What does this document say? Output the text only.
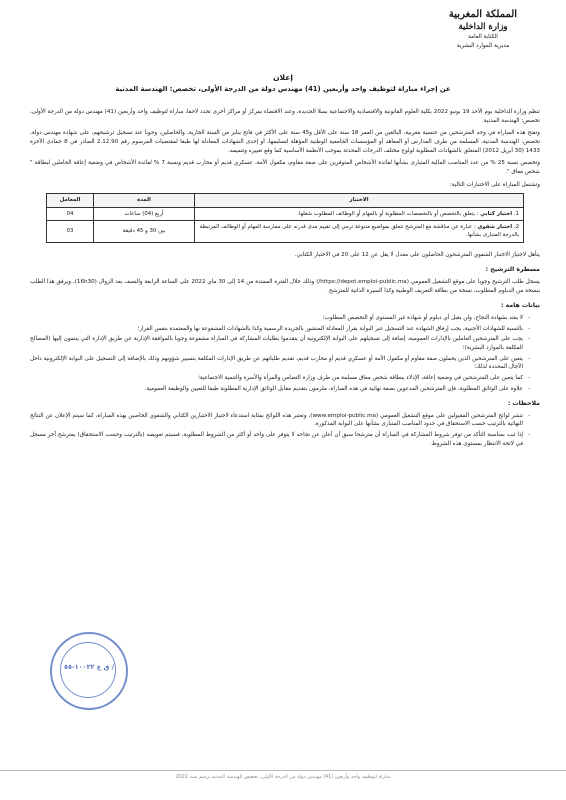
المملكة المغربية
وزارة الداخلية
الكتابة العامة
مديرية الموارد البشرية
إعلان
عن إجراء مباراة لتوظيف واحد وأربعين (41) مهندس دولة من الدرجة الأولى، تخصص: الهندسة المدنية

تنظم وزارة الداخلية يوم الأحد 19 يونيو 2022 بكلية العلوم القانونية والاقتصادية والاجتماعية بسلا الجديدة، وعند الاقتضاء بمركز أو مراكز أخرى تحدد لاحقا، مباراة لتوظيف واحد وأربعين (41) مهندس دولة من الدرجة الأولى، تخصص: الهندسة المدنية.

وتفتح هذه المباراة في وجه المترشحين من جنسية مغربية، البالغين من العمر 18 سنة على الأقل و45 سنة على الأكثر في فاتح يناير من السنة الجارية، والحاصلين، وجوبا عند تسجيل ترشيحهم، على شهادة مهندس دولة، تخصص: الهندسة المدنية، المسلمة من طرف المدارس أو المعاهد أو المؤسسات الجامعية الوطنية المؤهلة لتسليمها، أو إحدى الشهادات المعادلة لها طبقا لمقتضيات المرسوم رقم 2.12.90 الصادر في 8 جمادى الآخرة 1433 (30 أبريل 2012) المتعلق بالشهادات المطلوبة لولوج مختلف الدرجات المحدثة بموجب الأنظمة الأساسية كما وقع تغييره وتتميمه.

وتخصص نسبة 25 % من عدد المناصب المالية المتبارى بشأنها لفائدة الأشخاص المتوفرين على صفة مقاوم، مكفول الأمة، عسكري قديم أو محارب قديم ونسبة 7 % لفائدة الأشخاص في وضعية إعاقة الحاملين لبطاقة " شخص معاق ".

وتشتمل المباراة على الاختبارات التالية:

الاختبار	المدة	المعامل
1. اختبار كتابي : يتعلق بالتخصص أو بالتخصصات المطلوبة أو بالمهام أو الوظائف المطلوب شغلها.	أربع (04) ساعات	04
2. اختبار شفوي : عبارة عن مناقشة مع المترشح تتعلق بمواضيع متنوعة ترمي إلى تقييم مدى قدرته على ممارسة المهام أو الوظائف المرتبطة بالدرجة المتبارى بشأنها.	بين 30 و 45 دقيقة	03

يتأهل لاجتياز الاختبار الشفوي المترشحون الحاصلون على معدل لا يقل عن 12 على 20 في الاختبار الكتابي.

مسطرة الترشيح :

يسجل طلب الترشيح وجوبا على موقع التشغيل العمومي (https://depot.emploi-public.ma/) وذلك خلال الفترة الممتدة من 14 إلى 30 ماي 2022 على الساعة الرابعة والنصف بعد الزوال (16h30)، ويرفق هذا الطلب بنسخة من الدبلوم المطلوب، نسخة من بطاقة التعريف الوطنية وكذا السيرة الذاتية للمترشح.

بيانات هامة :
- لا يعتد بشهادة النجاح، ولن يقبل أي دبلوم أو شهادة غير المستوى أو التخصص المطلوب؛
- بالنسبة للشهادات الأجنبية، يجب إرفاق الشهادة عند التسجيل عبر البوابة بقرار المعادلة المنشور بالجريدة الرسمية وكذا بالشهادات المشفوعة بها والمعتمدة بنفس القرار؛
- يجب على المترشحين العاملين بالإدارات العمومية، إضافة إلى تسجيلهم على البوابة الإلكترونية أن يتقدموا بطلبات المشاركة في المباراة مشفوعة وجوبا بالموافقة الإدارية عن طريق الإدارة التي ينتمون إليها (المصالح المكلفة بالموارد البشرية)؛
- يتعين على المترشحين الذين يحملون صفة مقاوم أو مكفول الأمة أو عسكري قديم أو محارب قديم، تقديم طلباتهم عن طريق الإدارات المكلفة بتسيير شؤونهم وذلك بالإضافة إلى التسجيل على البوابة الإلكترونية داخل الآجال المحددة لذلك؛
- كما يتعين على المترشحين في وضعية إعاقة، الإدلاء ببطاقة شخص معاق مسلمة من طرف وزارة التضامن والمرأة والأسرة والتنمية الاجتماعية؛
- علاوة على الوثائق المطلوبة، فإن المترشحين المدعوين بصفة نهائية في هذه المباراة، ملزمون بتقديم مقابل الوثائق الإدارية المطلوبة طبقا للتعيين والوظيفة العمومية.
ملاحظات :
- تنشر لوائح المترشحين المقبولين على موقع التشغيل العمومي (www.emploi-public.ma)، وتعتبر هذه اللوائح بمثابة استدعاء لاجتياز الاختبارين الكتابي والشفوي الخاصين بهذه المباراة، كما سيتم الإعلان عن النتائج النهائية بالترتيب حسب الاستحقاق في حدود المناصب المتبارى بشأنها على البوابة المذكورة.
- إذا ثبت بمناسبة التأكد من توفر شروط المشاركة في المباراة أن مترشحا سبق أن أعلن عن نجاحه لا يتوفر على واحد أو أكثر من الشروط المطلوبة، فسيتم تعويضه (بالترتيب وحسب الاستحقاق) بمترشح آخر مسجل في لائحة الانتظار بمستوى هذه الشروط.
ق ع ١٠٠٢٢-٥٥ /
مباراة لتوظيف واحد وأربعين (41) مهندس دولة من الدرجة الأولى، تخصص الهندسة المدنية برسم سنة 2022
